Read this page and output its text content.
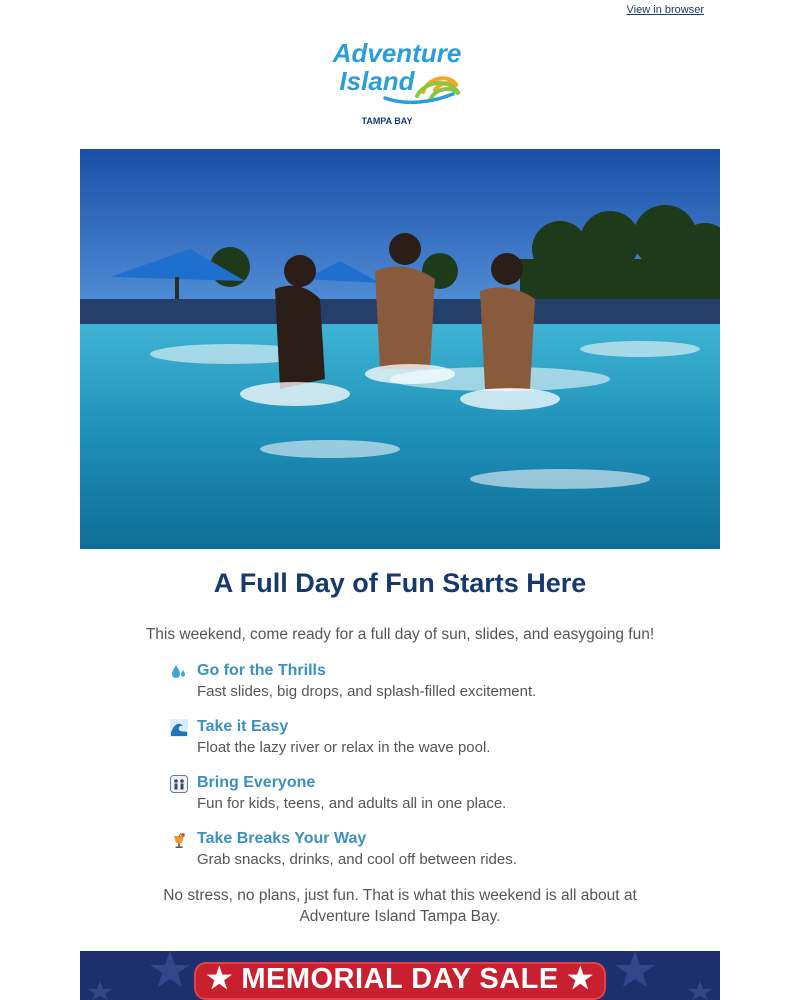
View in browser
Adventure
Island
TAMPA BAY
A Full Day of Fun Starts Here

This weekend, come ready for a full day of sun, slides, and easygoing fun!

Go for the Thrills
Fast slides, big drops, and splash-filled excitement.
Take it Easy
Float the lazy river or relax in the wave pool.
Bring Everyone
Fun for kids, teens, and adults all in one place.
Take Breaks Your Way
Grab snacks, drinks, and cool off between rides.

No stress, no plans, just fun. That is what this weekend is all about at Adventure Island Tampa Bay.

★ MEMORIAL DAY SALE ★
